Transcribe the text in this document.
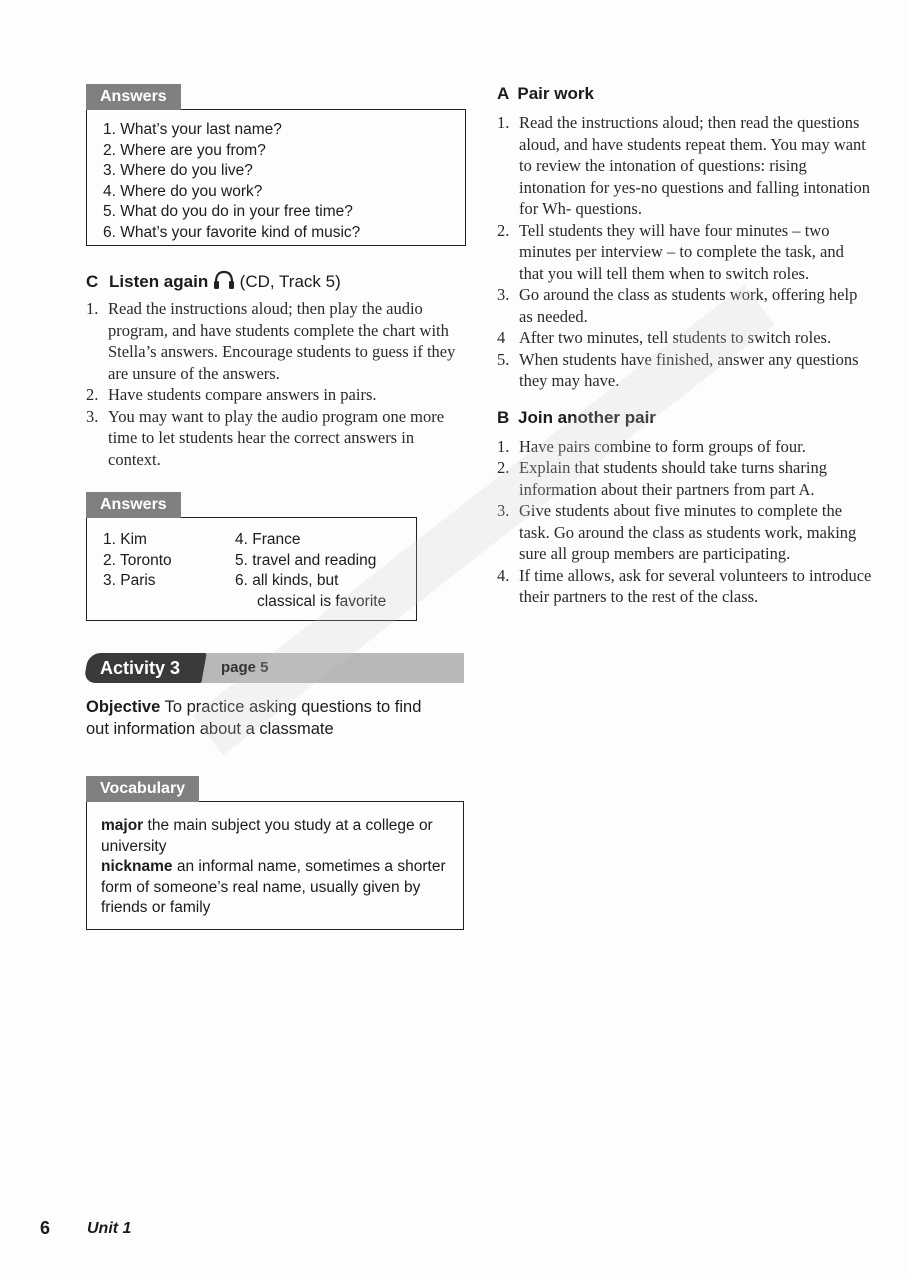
Answers
1. What’s your last name?
2. Where are you from?
3. Where do you live?
4. Where do you work?
5. What do you do in your free time?
6. What’s your favorite kind of music?

C Listen again (CD, Track 5)

1. Read the instructions aloud; then play the audio program, and have students complete the chart with Stella’s answers. Encourage students to guess if they are unsure of the answers.
2. Have students compare answers in pairs.
3. You may want to play the audio program one more time to let students hear the correct answers in context.
Answers
1. Kim
2. Toronto
3. Paris
4. France
5. travel and reading
6. all kinds, but
classical is favorite
Activity 3	page 5
Objective To practice asking questions to find out information about a classmate
Vocabulary
major the main subject you study at a college or university
nickname an informal name, sometimes a shorter form of someone’s real name, usually given by friends or family

A Pair work

1. Read the instructions aloud; then read the questions aloud, and have students repeat them. You may want to review the intonation of questions: rising intonation for yes-no questions and falling intonation for Wh- questions.
2. Tell students they will have four minutes – two minutes per interview – to complete the task, and that you will tell them when to switch roles.
3. Go around the class as students work, offering help as needed.
4 After two minutes, tell students to switch roles.
5. When students have finished, answer any questions they may have.

B Join another pair

1. Have pairs combine to form groups of four.
2. Explain that students should take turns sharing information about their partners from part A.
3. Give students about five minutes to complete the task. Go around the class as students work, making sure all group members are participating.
4. If time allows, ask for several volunteers to introduce their partners to the rest of the class.
6 Unit 1
